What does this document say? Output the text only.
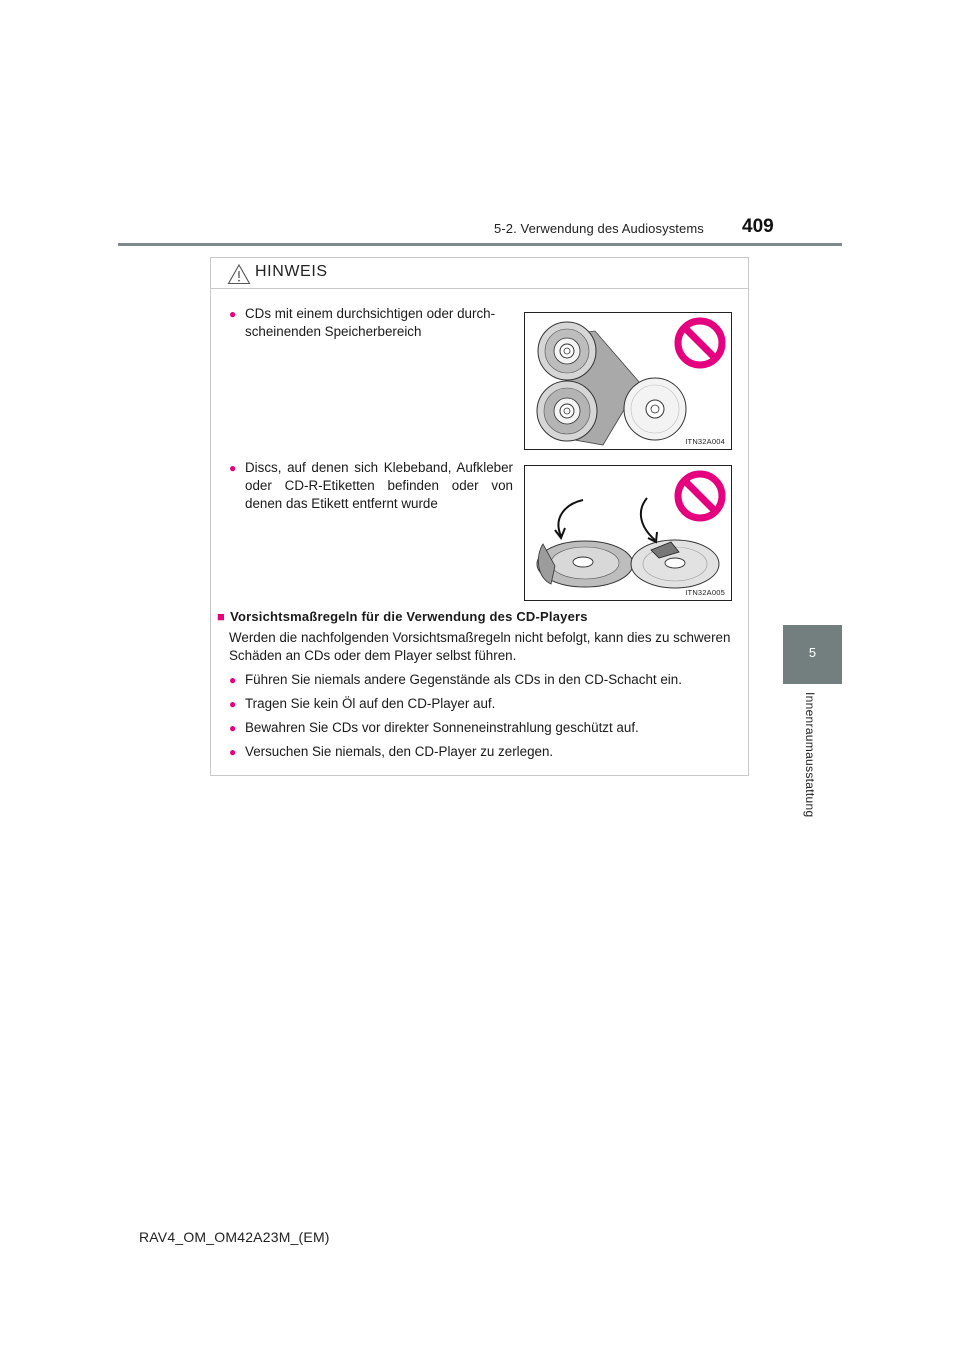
5-2. Verwendung des Audiosystems 409
5
Innenraumausstattung
HINWEIS
● CDs mit einem durchsichtigen oder durch-
scheinenden Speicherbereich
ITN32A004
● Discs, auf denen sich Klebeband, Aufkleber oder CD-R-Etiketten befinden oder von denen das Etikett entfernt wurde
ITN32A005
■ Vorsichtsmaßregeln für die Verwendung des CD-Players
Werden die nachfolgenden Vorsichtsmaßregeln nicht befolgt, kann dies zu schweren Schäden an CDs oder dem Player selbst führen.
● Führen Sie niemals andere Gegenstände als CDs in den CD-Schacht ein.
● Tragen Sie kein Öl auf den CD-Player auf.
● Bewahren Sie CDs vor direkter Sonneneinstrahlung geschützt auf.
● Versuchen Sie niemals, den CD-Player zu zerlegen.
RAV4_OM_OM42A23M_(EM)
